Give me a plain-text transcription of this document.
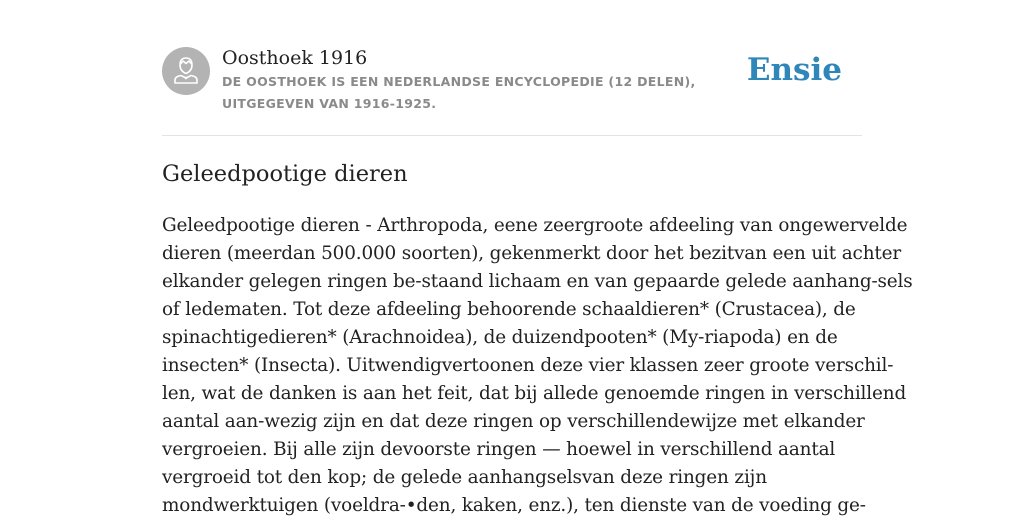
Oosthoek 1916

DE OOSTHOEK IS EEN NEDERLANDSE ENCYCLOPEDIE (12 DELEN), UITGEGEVEN VAN 1916-1925.

Ensie
Geleedpootige dieren
Geleedpootige dieren - Arthropoda, eene zeergroote afdeeling van ongewervelde
dieren (meerdan 500.000 soorten), gekenmerkt door het bezitvan een uit achter
elkander gelegen ringen be-staand lichaam en van gepaarde gelede aanhang-sels
of ledematen. Tot deze afdeeling behoorende schaaldieren* (Crustacea), de
spinachtigedieren* (Arachnoidea), de duizendpooten* (My-riapoda) en de
insecten* (Insecta). Uitwendigvertoonen deze vier klassen zeer groote verschil-
len, wat de danken is aan het feit, dat bij allede genoemde ringen in verschillend
aantal aan-wezig zijn en dat deze ringen op verschillendewijze met elkander
vergroeien. Bij alle zijn devoorste ringen — hoewel in verschillend aantal
vergroeid tot den kop; de gelede aanhangselsvan deze ringen zijn
mondwerktuigen (voeldra-•den, kaken, enz.), ten dienste van de voeding ge-
